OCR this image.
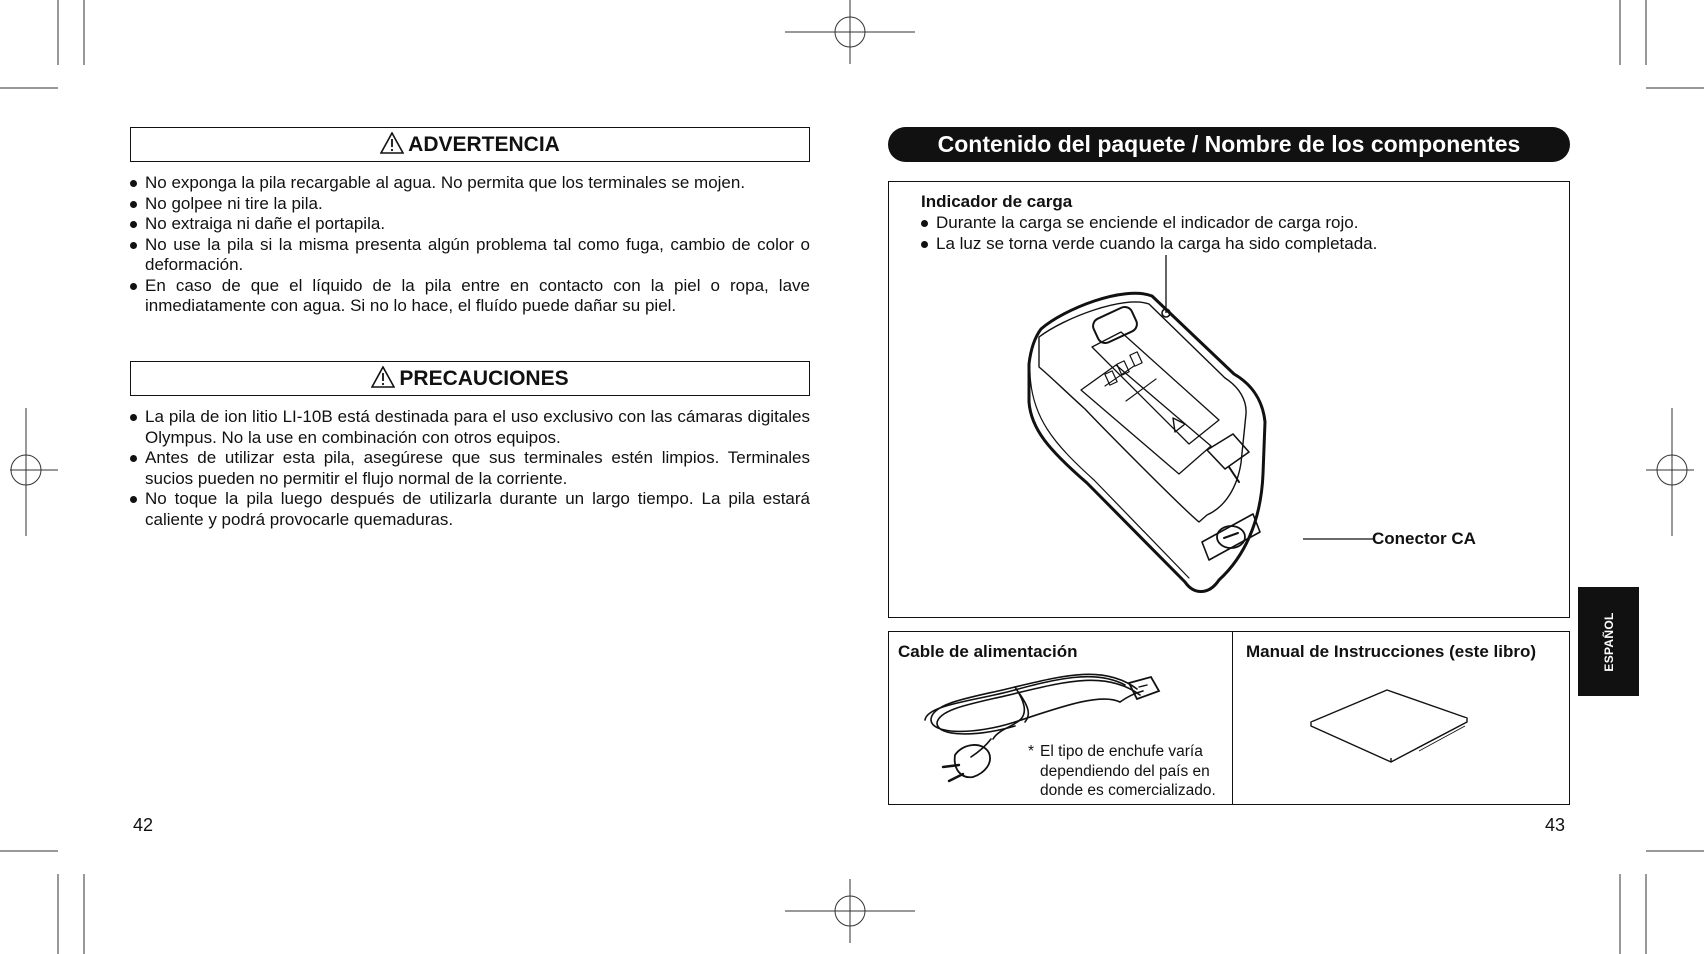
ADVERTENCIA
No exponga la pila recargable al agua. No permita que los terminales se mojen.
No golpee ni tire la pila.
No extraiga ni dañe el portapila.
No use la pila si la misma presenta algún problema tal como fuga, cambio de color o deformación.
En caso de que el líquido de la pila entre en contacto con la piel o ropa, lave inmediatamente con agua. Si no lo hace, el fluído puede dañar su piel.
PRECAUCIONES
La pila de ion litio LI-10B está destinada para el uso exclusivo con las cámaras digitales Olympus. No la use en combinación con otros equipos.
Antes de utilizar esta pila, asegúrese que sus terminales estén limpios. Terminales sucios pueden no permitir el flujo normal de la corriente.
No toque la pila luego después de utilizarla durante un largo tiempo. La pila estará caliente y podrá provocarle quemaduras.
42
Contenido del paquete / Nombre de los componentes
Indicador de carga
Durante la carga se enciende el indicador de carga rojo.
La luz se torna verde cuando la carga ha sido completada.
Conector CA
Cable de alimentación
* El tipo de enchufe varía dependiendo del país en donde es comercializado.
Manual de Instrucciones (este libro)	ESPAÑOL
43
